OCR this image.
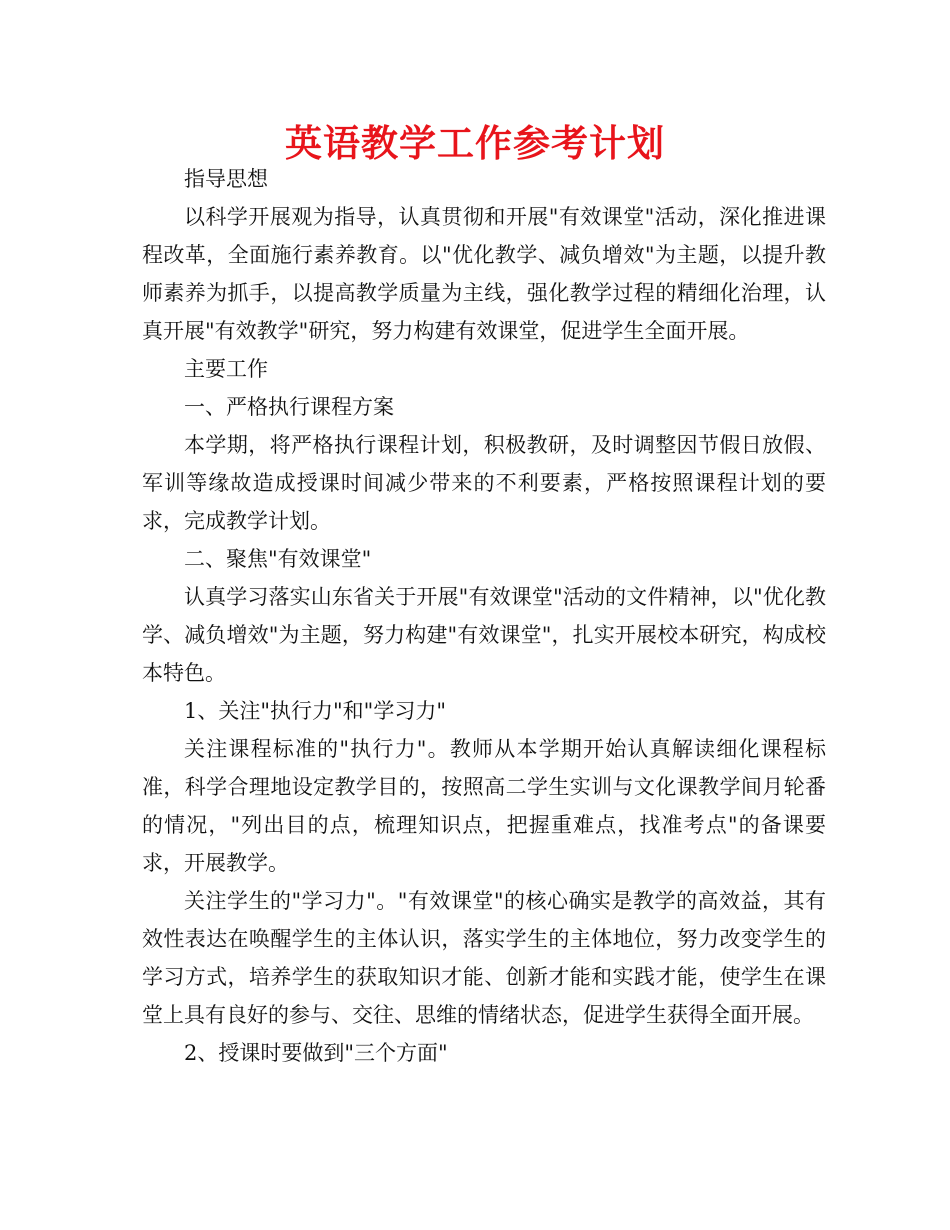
英语教学工作参考计划

指导思想

以科学开展观为指导，认真贯彻和开展"有效课堂"活动，深化推进课程改革，全面施行素养教育。以"优化教学、减负增效"为主题，以提升教师素养为抓手，以提高教学质量为主线，强化教学过程的精细化治理，认真开展"有效教学"研究，努力构建有效课堂，促进学生全面开展。

主要工作

一、严格执行课程方案

本学期，将严格执行课程计划，积极教研，及时调整因节假日放假、军训等缘故造成授课时间减少带来的不利要素，严格按照课程计划的要求，完成教学计划。

二、聚焦"有效课堂"

认真学习落实山东省关于开展"有效课堂"活动的文件精神，以"优化教学、减负增效"为主题，努力构建"有效课堂"，扎实开展校本研究，构成校本特色。

1、关注"执行力"和"学习力"

关注课程标准的"执行力"。教师从本学期开始认真解读细化课程标准，科学合理地设定教学目的，按照高二学生实训与文化课教学间月轮番的情况，"列出目的点，梳理知识点，把握重难点，找准考点"的备课要求，开展教学。

关注学生的"学习力"。"有效课堂"的核心确实是教学的高效益，其有效性表达在唤醒学生的主体认识，落实学生的主体地位，努力改变学生的学习方式，培养学生的获取知识才能、创新才能和实践才能，使学生在课堂上具有良好的参与、交往、思维的情绪状态，促进学生获得全面开展。

2、授课时要做到"三个方面"
